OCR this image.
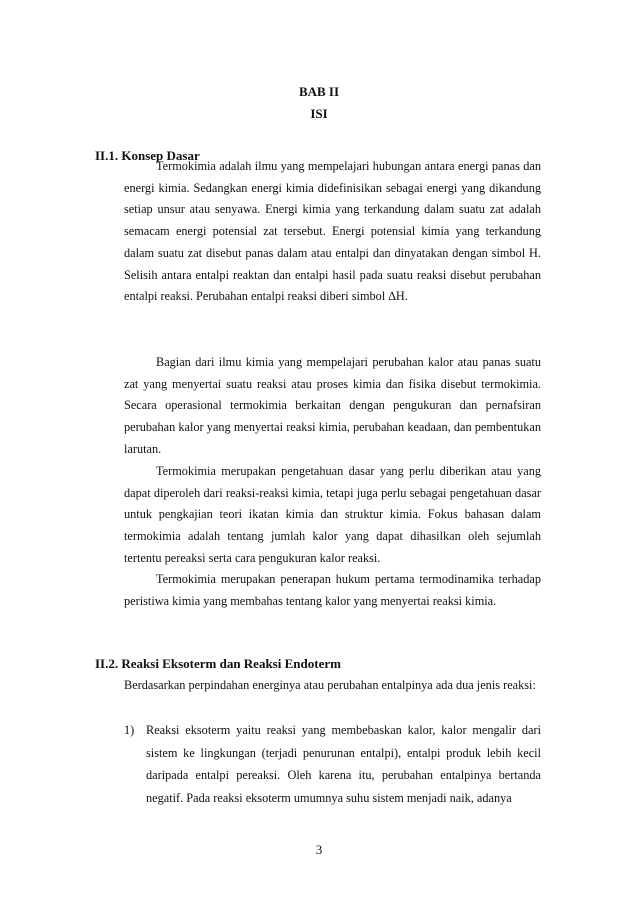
BAB II
ISI
II.1. Konsep Dasar

Termokimia adalah ilmu yang mempelajari hubungan antara energi panas dan energi kimia. Sedangkan energi kimia didefinisikan sebagai energi yang dikandung setiap unsur atau senyawa. Energi kimia yang terkandung dalam suatu zat adalah semacam energi potensial zat tersebut. Energi potensial kimia yang terkandung dalam suatu zat disebut panas dalam atau entalpi dan dinyatakan dengan simbol H. Selisih antara entalpi reaktan dan entalpi hasil pada suatu reaksi disebut perubahan entalpi reaksi. Perubahan entalpi reaksi diberi simbol ∆H.

Bagian dari ilmu kimia yang mempelajari perubahan kalor atau panas suatu zat yang menyertai suatu reaksi atau proses kimia dan fisika disebut termokimia. Secara operasional termokimia berkaitan dengan pengukuran dan pernafsiran perubahan kalor yang menyertai reaksi kimia, perubahan keadaan, dan pembentukan larutan.

Termokimia merupakan pengetahuan dasar yang perlu diberikan atau yang dapat diperoleh dari reaksi-reaksi kimia, tetapi juga perlu sebagai pengetahuan dasar untuk pengkajian teori ikatan kimia dan struktur kimia. Fokus bahasan dalam termokimia adalah tentang jumlah kalor yang dapat dihasilkan oleh sejumlah tertentu pereaksi serta cara pengukuran kalor reaksi.

Termokimia merupakan penerapan hukum pertama termodinamika terhadap peristiwa kimia yang membahas tentang kalor yang menyertai reaksi kimia.

II.2. Reaksi Eksoterm dan Reaksi Endoterm

Berdasarkan perpindahan energinya atau perubahan entalpinya ada dua jenis reaksi:

1) Reaksi eksoterm yaitu reaksi yang membebaskan kalor, kalor mengalir dari sistem ke lingkungan (terjadi penurunan entalpi), entalpi produk lebih kecil daripada entalpi pereaksi. Oleh karena itu, perubahan entalpinya bertanda negatif. Pada reaksi eksoterm umumnya suhu sistem menjadi naik, adanya
3
